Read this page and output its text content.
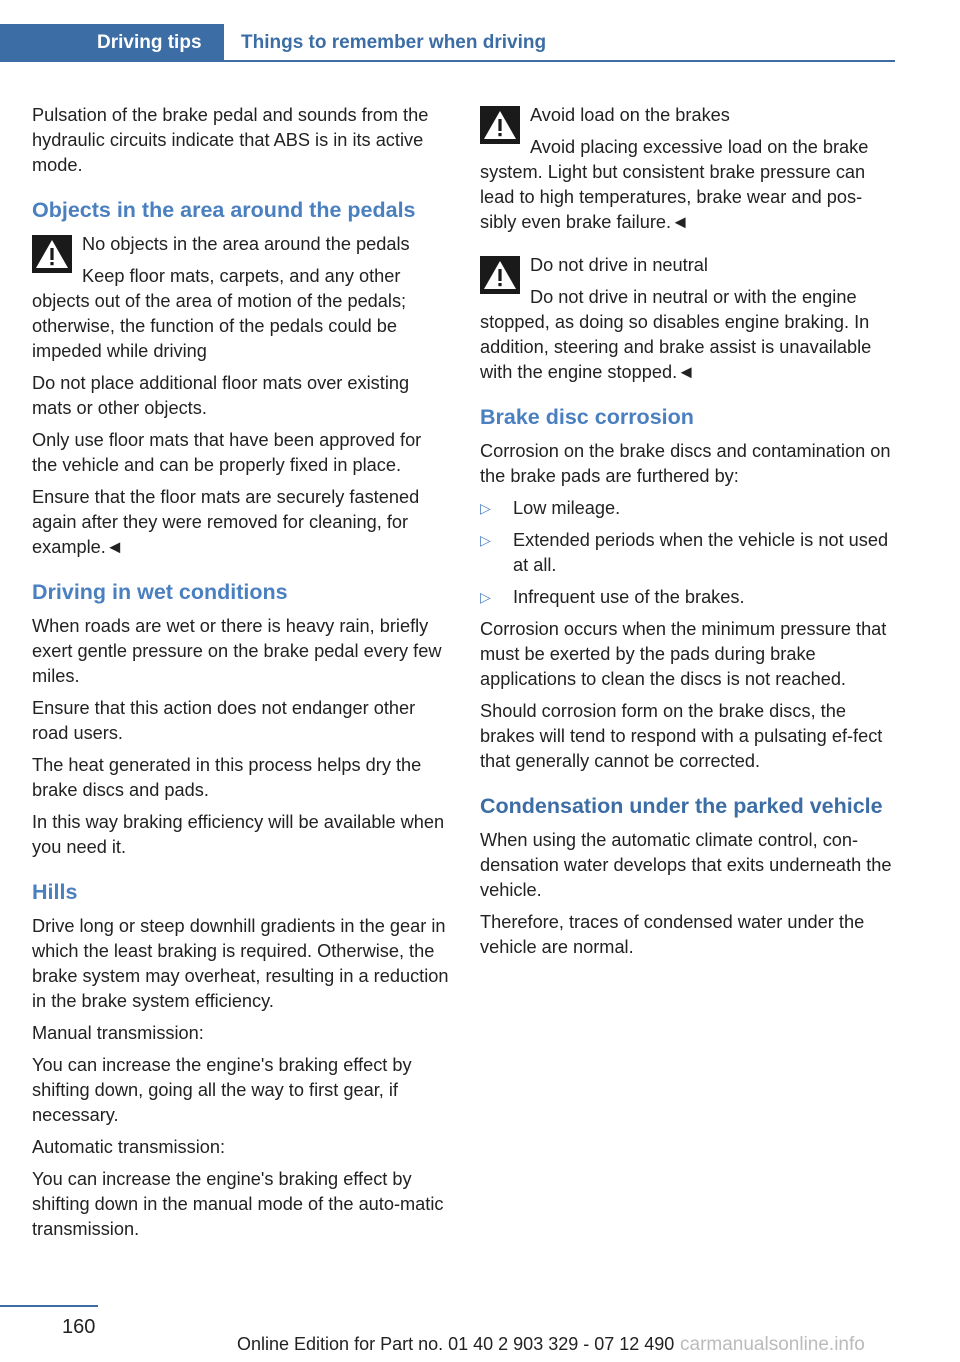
Driving tips	Things to remember when driving

Pulsation of the brake pedal and sounds from the hydraulic circuits indicate that ABS is in its active mode.

Objects in the area around the pedals
No objects in the area around the pedals
Keep floor mats, carpets, and any other objects out of the area of motion of the pedals; otherwise, the function of the pedals could be impeded while driving

Do not place additional floor mats over existing mats or other objects.

Only use floor mats that have been approved for the vehicle and can be properly fixed in place.

Ensure that the floor mats are securely fastened again after they were removed for cleaning, for example.◄

Driving in wet conditions

When roads are wet or there is heavy rain, briefly exert gentle pressure on the brake pedal every few miles.

Ensure that this action does not endanger other road users.

The heat generated in this process helps dry the brake discs and pads.

In this way braking efficiency will be available when you need it.

Hills

Drive long or steep downhill gradients in the gear in which the least braking is required. Otherwise, the brake system may overheat, resulting in a reduction in the brake system efficiency.

Manual transmission:

You can increase the engine's braking effect by shifting down, going all the way to first gear, if necessary.

Automatic transmission:

You can increase the engine's braking effect by shifting down in the manual mode of the auto‐matic transmission.

Avoid load on the brakes
Avoid placing excessive load on the brake system. Light but consistent brake pressure can lead to high temperatures, brake wear and pos‐sibly even brake failure.◄
Do not drive in neutral
Do not drive in neutral or with the engine stopped, as doing so disables engine braking. In addition, steering and brake assist is unavailable with the engine stopped.◄
Brake disc corrosion

Corrosion on the brake discs and contamination on the brake pads are furthered by:

▷ Low mileage.
▷ Extended periods when the vehicle is not used at all.
▷ Infrequent use of the brakes.

Corrosion occurs when the minimum pressure that must be exerted by the pads during brake applications to clean the discs is not reached.

Should corrosion form on the brake discs, the brakes will tend to respond with a pulsating ef‐fect that generally cannot be corrected.

Condensation under the parked vehicle

When using the automatic climate control, con‐densation water develops that exits underneath the vehicle.

Therefore, traces of condensed water under the vehicle are normal.

160
Online Edition for Part no. 01 40 2 903 329 - 07 12 490 carmanualsonline.info
